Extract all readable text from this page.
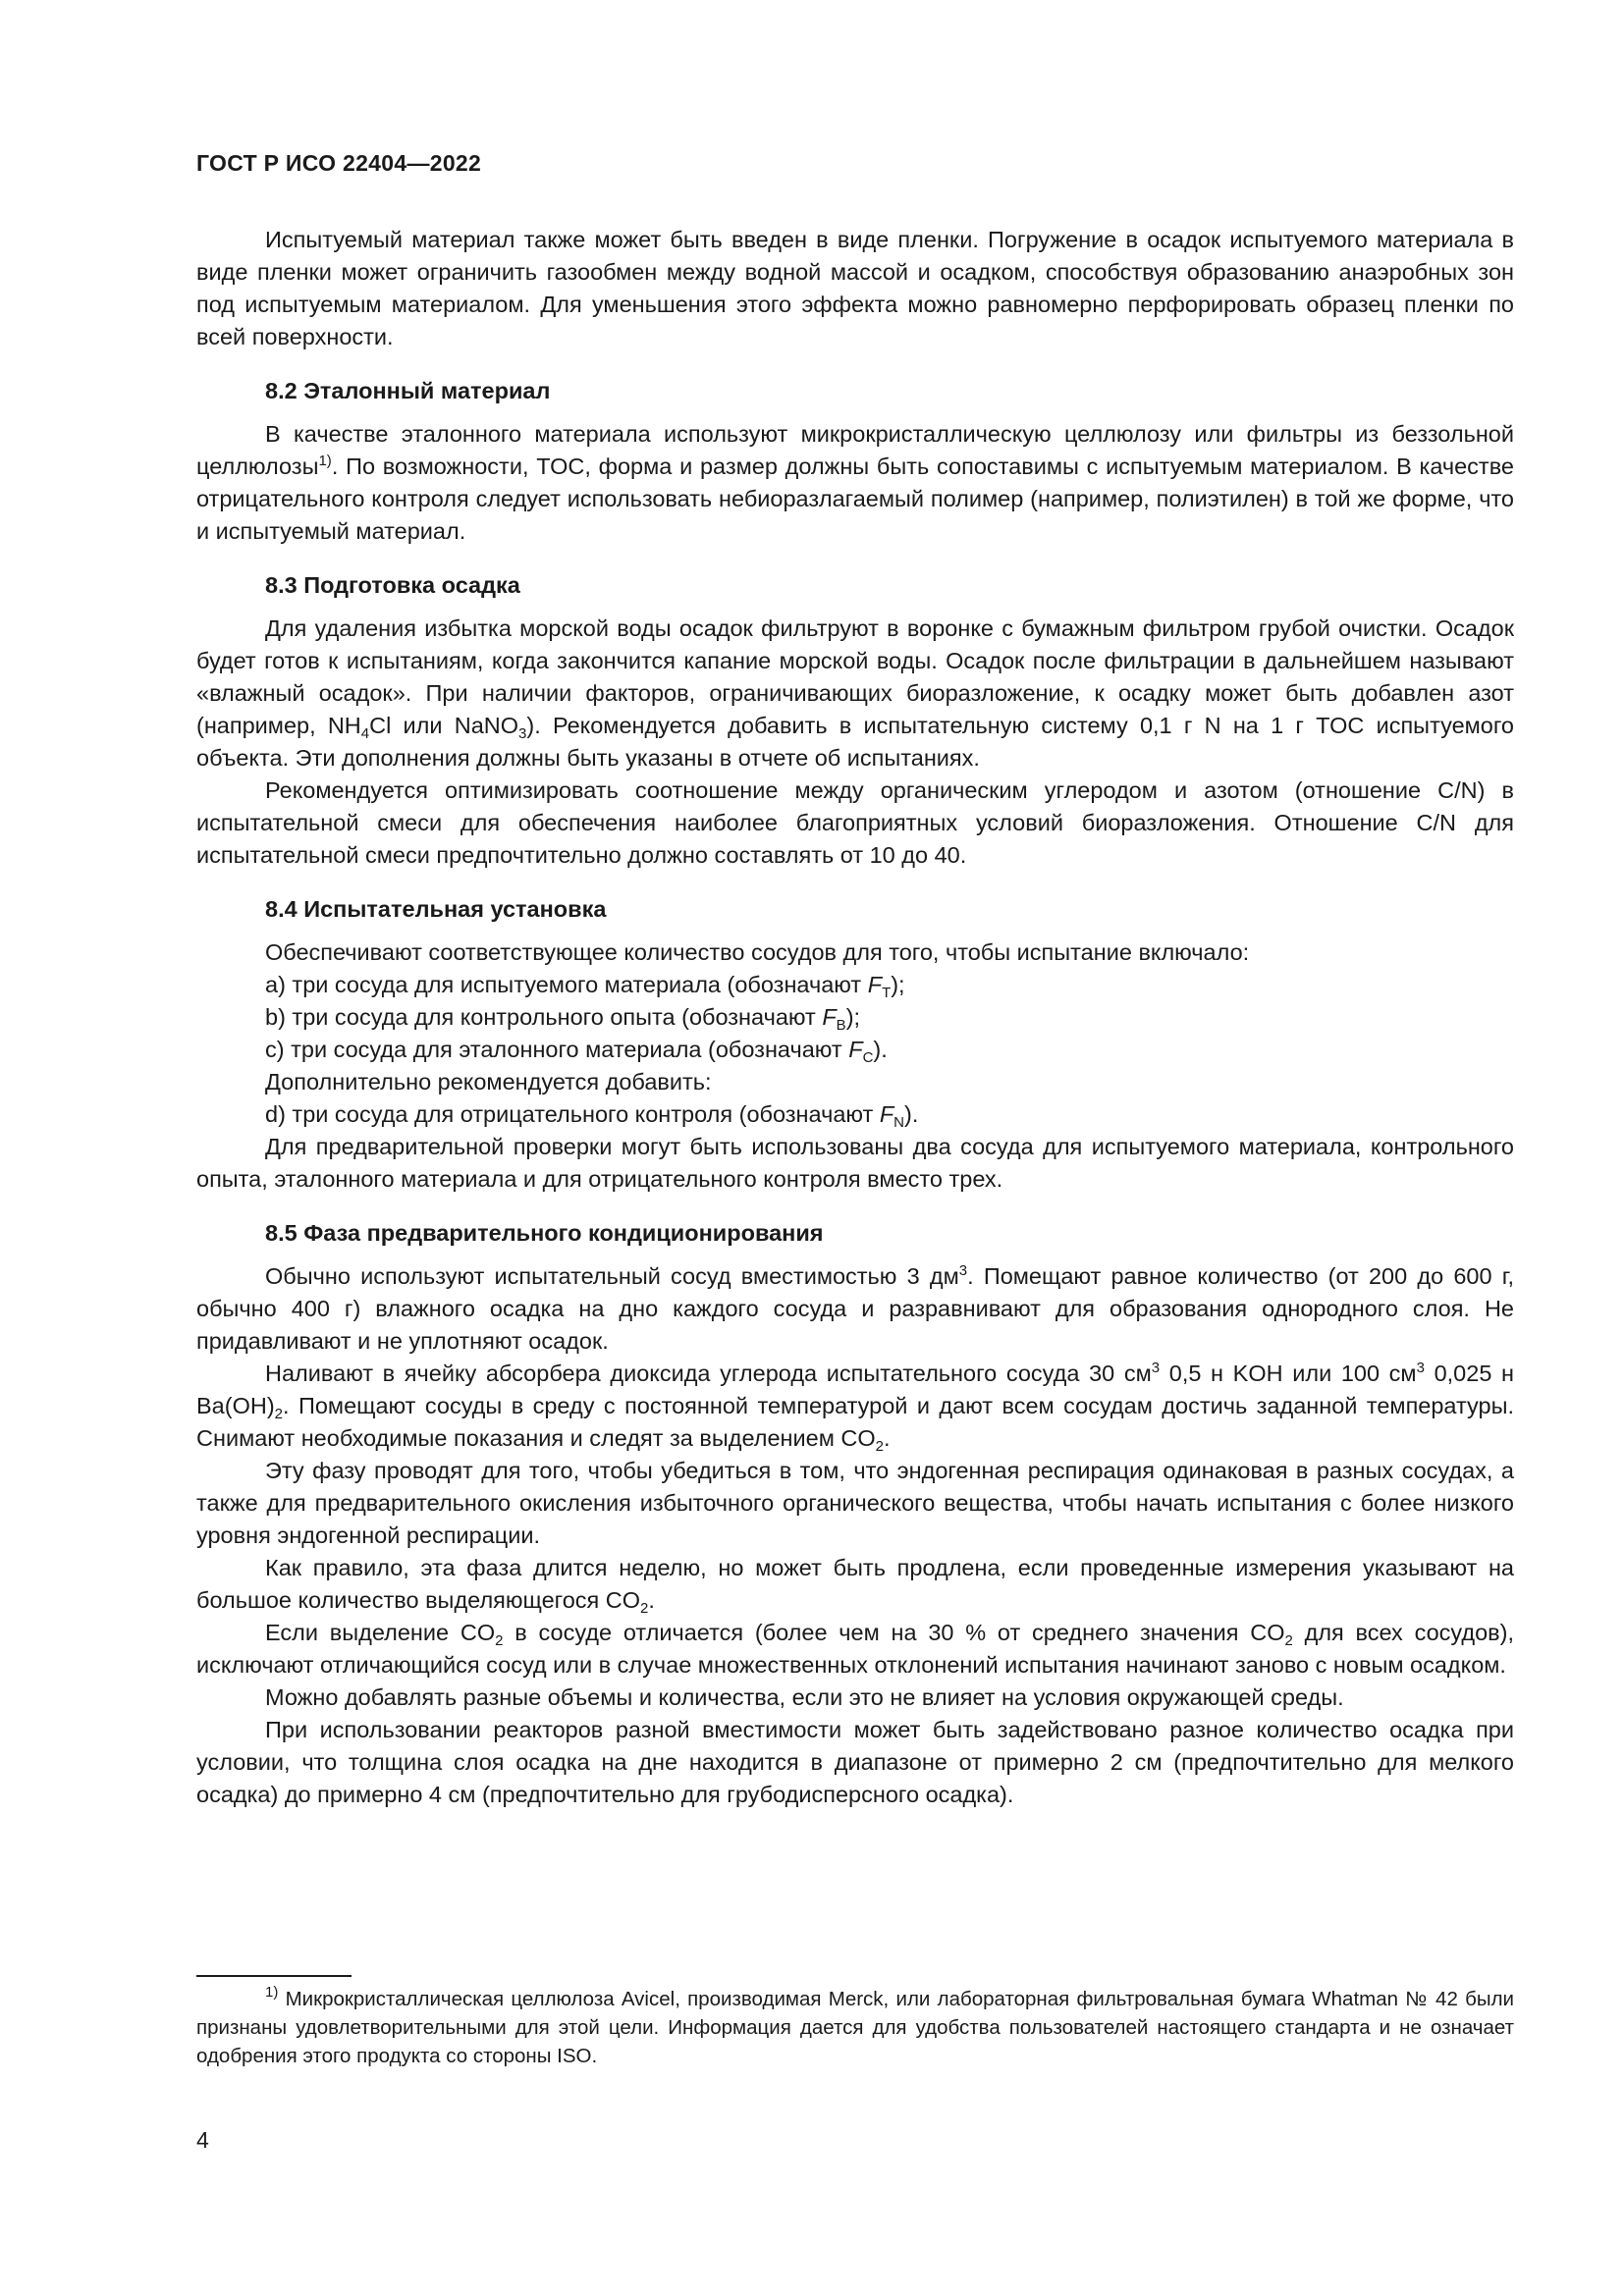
ГОСТ Р ИСО 22404—2022

Испытуемый материал также может быть введен в виде пленки. Погружение в осадок испытуемого материала в виде пленки может ограничить газообмен между водной массой и осадком, способствуя образованию анаэробных зон под испытуемым материалом. Для уменьшения этого эффекта можно равномерно перфорировать образец пленки по всей поверхности.

8.2 Эталонный материал

В качестве эталонного материала используют микрокристаллическую целлюлозу или фильтры из беззольной целлюлозы$^{1)}$. По возможности, TOC, форма и размер должны быть сопоставимы с испытуемым материалом. В качестве отрицательного контроля следует использовать небиоразлагаемый полимер (например, полиэтилен) в той же форме, что и испытуемый материал.

8.3 Подготовка осадка

Для удаления избытка морской воды осадок фильтруют в воронке с бумажным фильтром грубой очистки. Осадок будет готов к испытаниям, когда закончится капание морской воды. Осадок после фильтрации в дальнейшем называют «влажный осадок». При наличии факторов, ограничивающих биоразложение, к осадку может быть добавлен азот (например, $NH_4Cl$ или NaNO$_3$). Рекомендуется добавить в испытательную систему 0,1 г N на 1 г TOC испытуемого объекта. Эти дополнения должны быть указаны в отчете об испытаниях.

Рекомендуется оптимизировать соотношение между органическим углеродом и азотом (отношение C/N) в испытательной смеси для обеспечения наиболее благоприятных условий биоразложения. Отношение C/N для испытательной смеси предпочтительно должно составлять от 10 до 40.

8.4 Испытательная установка

Обеспечивают соответствующее количество сосудов для того, чтобы испытание включало:

a) три сосуда для испытуемого материала (обозначают $F_T$);

b) три сосуда для контрольного опыта (обозначают $F_B$);

c) три сосуда для эталонного материала (обозначают $F_C$).

Дополнительно рекомендуется добавить:

d) три сосуда для отрицательного контроля (обозначают $F_N$).

Для предварительной проверки могут быть использованы два сосуда для испытуемого материала, контрольного опыта, эталонного материала и для отрицательного контроля вместо трех.

8.5 Фаза предварительного кондиционирования

Обычно используют испытательный сосуд вместимостью 3 $дм^3$. Помещают равное количество (от 200 до 600 г, обычно 400 г) влажного осадка на дно каждого сосуда и разравнивают для образования однородного слоя. Не придавливают и не уплотняют осадок.

Наливают в ячейку абсорбера диоксида углерода испытательного сосуда 30 $см^3$ 0,5 н KOH или 100 $см^3$ 0,025 н $Ba(OH)_2$. Помещают сосуды в среду с постоянной температурой и дают всем сосудам достичь заданной температуры. Снимают необходимые показания и следят за выделением $CO_2$.

Эту фазу проводят для того, чтобы убедиться в том, что эндогенная респирация одинаковая в разных сосудах, а также для предварительного окисления избыточного органического вещества, чтобы начать испытания с более низкого уровня эндогенной респирации.

Как правило, эта фаза длится неделю, но может быть продлена, если проведенные измерения указывают на большое количество выделяющегося $CO_2$.

Если выделение $CO_2$ в сосуде отличается (более чем на 30 % от среднего значения $CO_2$ для всех сосудов), исключают отличающийся сосуд или в случае множественных отклонений испытания начинают заново с новым осадком.

Можно добавлять разные объемы и количества, если это не влияет на условия окружающей среды.

При использовании реакторов разной вместимости может быть задействовано разное количество осадка при условии, что толщина слоя осадка на дне находится в диапазоне от примерно 2 см (предпочтительно для мелкого осадка) до примерно 4 см (предпочтительно для грубодисперсного осадка).

$^{1)}$ Микрокристаллическая целлюлоза Avicel, производимая Merck, или лабораторная фильтровальная бумага Whatman № 42 были признаны удовлетворительными для этой цели. Информация дается для удобства пользователей настоящего стандарта и не означает одобрения этого продукта со стороны ISO.

4
